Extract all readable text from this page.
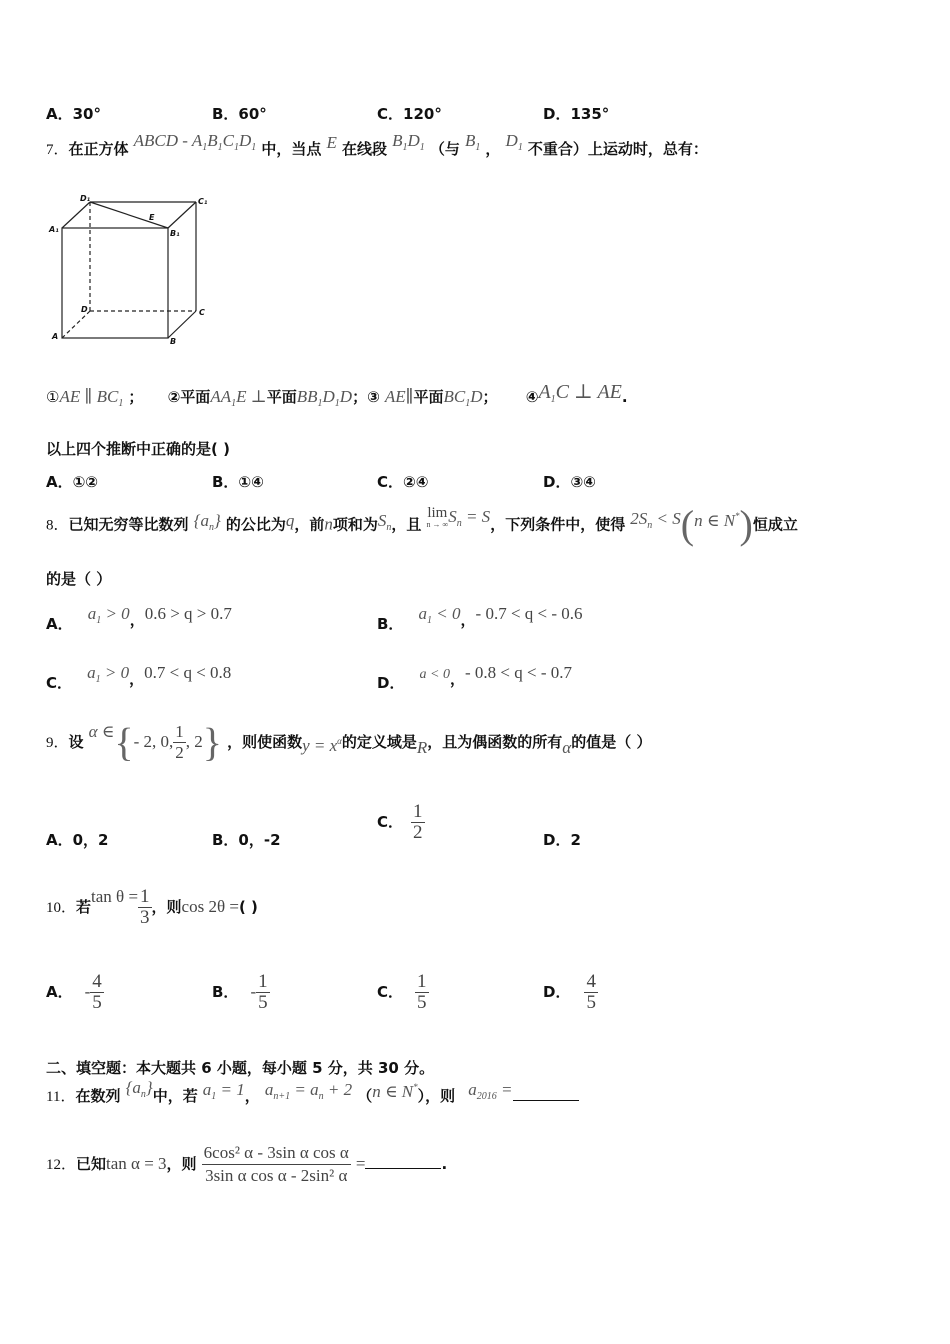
A．30°	B．60°	C．120°	D．135°
7．在正方体 ABCD - $A_1B_1C_1D_1$ 中，当点 E 在线段 $B_1D_1$ （与 $B_1$ ， $D_1$ 不重合）上运动时，总有：
D₁	C₁
A₁	B₁
E
D	C
A
B
①AE ∥ $BC_1$ ； ②平面$AA_1E$ ⊥平面$BB_1D_1D$；③ AE∥平面$BC_1D$； $④A_1C$ ⊥ AE.
以上四个推断中正确的是( )
A．①②	B．①④	C．②④	D．③④
8．已知无穷等比数列 $\{a_n\}$ 的公比为q，前n项和为$S_n$，且
lim
n → ∞ $S_n = S$，下列条件中，使得 $2S_n < S(n$ ∈ N*)恒成立
的是（ ）
A． $a_1 > 0$，0.6 > q > 0.7
B． $a_1 < 0$，- 0.7 < q < - 0.6
C． $a_1 > 0$，0.7 < q < 0.8
D． a < 0，- 0.8 < q < - 0.7
9．设 α ∈{- 2, 0, $\frac{1}{2}$ , 2} ，则使函数$y = x^\alpha$的定义域是R，且为偶函数的所有α的值是（ ）
A．0，2	B．0，-2
C． $\frac{1}{2}$	D．2
10．若$\tan \theta = \frac{1}{3}$ ，则cos 2θ =( )
A． - $\frac{4}{5}$	B． - $\frac{1}{5}$	C． $\frac{1}{5}$	D． $\frac{4}{5}$
二、填空题：本大题共 6 小题，每小题 5 分，共 30 分。
11．在数列 $\{a_n\}$中，若 $a_1 = 1$， $a_{n+1} = a_n + 2$ （n ∈ N*），则 $a_{2016}$ =
12．已知tan α = 3，则 $\frac{\text{6cos² α - 3sin α cos α}}{\text{3sin α cos α - 2sin² α}}$ =	.
